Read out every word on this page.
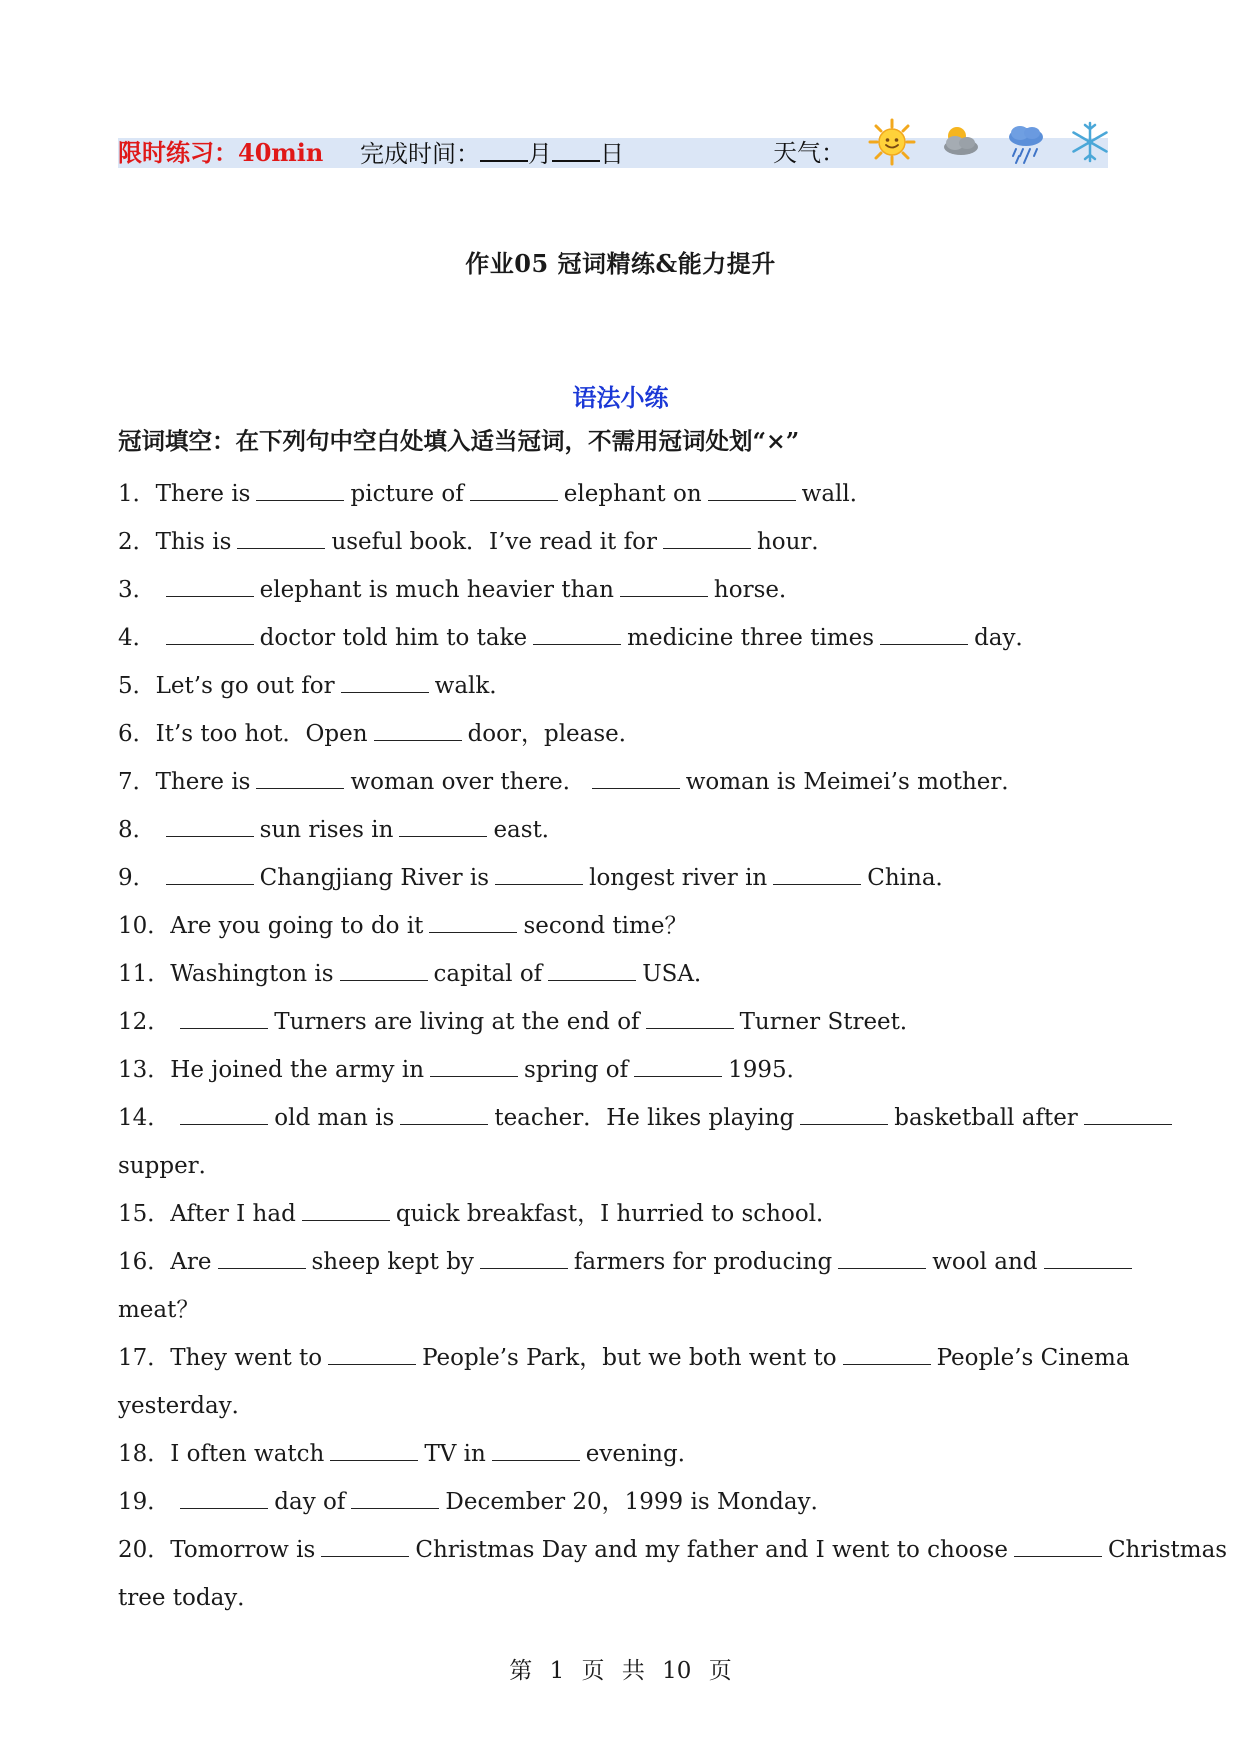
限时练习：40min 完成时间： 月 日	天气：
作业05 冠词精练&能力提升
语法小练
冠词填空：在下列句中空白处填入适当冠词，不需用冠词处划“×”
1．There is	picture of	elephant on	wall．
2．This is	useful book．I’ve read it for	hour．
3．	elephant is much heavier than	horse．
4．	doctor told him to take	medicine three times	day．
5．Let’s go out for	walk．
6．It’s too hot．Open	door，please．
7．There is	woman over there．	woman is Meimei’s mother．
8．	sun rises in	east．
9．	Changjiang River is	longest river in	China．
10．Are you going to do it	second time？
11．Washington is	capital of	USA．
12．	Turners are living at the end of	Turner Street．
13．He joined the army in	spring of	1995．
14．	old man is	teacher．He likes playing	basketball after
supper．
15．After I had	quick breakfast，I hurried to school．
16．Are	sheep kept by	farmers for producing	wool and
meat？
17．They went to	People’s Park，but we both went to	People’s Cinema
yesterday．
18．I often watch	TV in	evening．
19．	day of	December 20，1999 is Monday．
20．Tomorrow is	Christmas Day and my father and I went to choose	Christmas
tree today．
第 1 页 共 10 页
